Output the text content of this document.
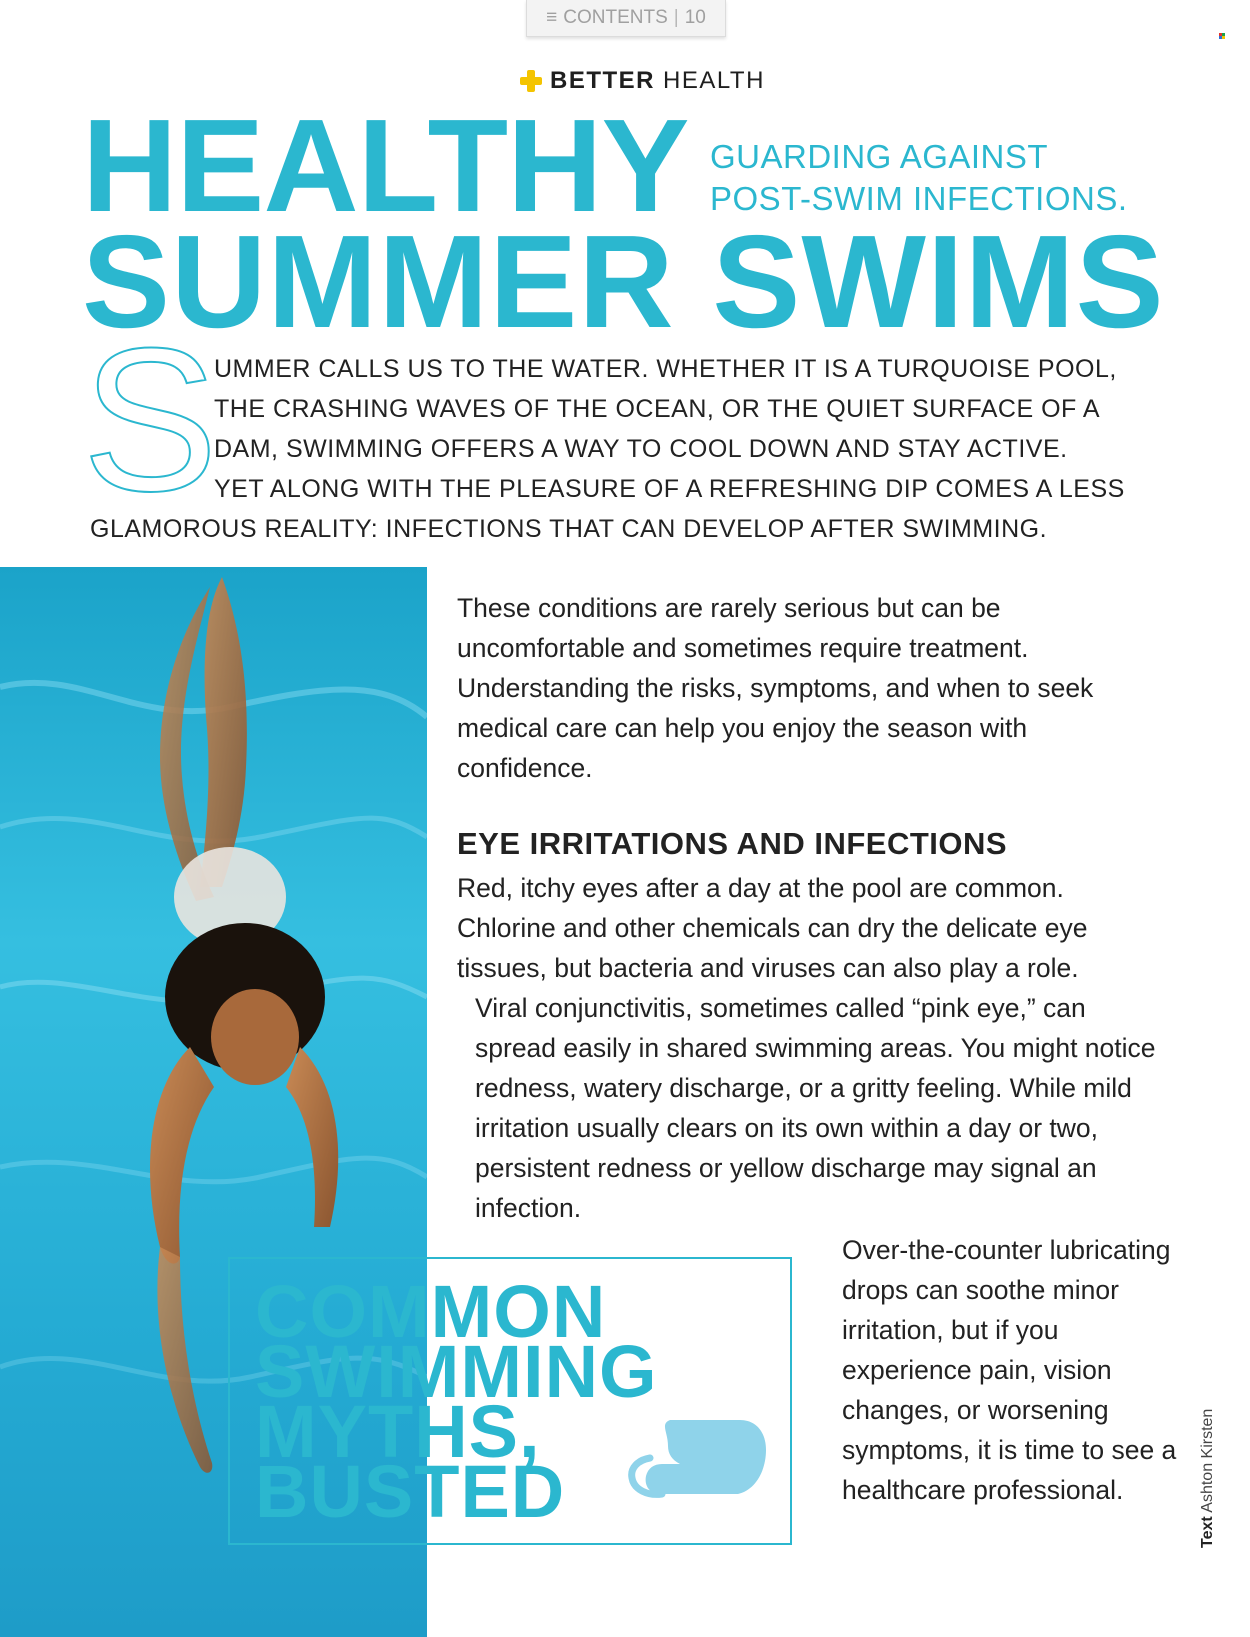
≡ CONTENTS | 10
BETTER HEALTH
HEALTHY
SUMMER SWIMS
GUARDING AGAINST
POST-SWIM INFECTIONS.
S
UMMER CALLS US TO THE WATER. WHETHER IT IS A TURQUOISE POOL,
THE CRASHING WAVES OF THE OCEAN, OR THE QUIET SURFACE OF A
DAM, SWIMMING OFFERS A WAY TO COOL DOWN AND STAY ACTIVE.
YET ALONG WITH THE PLEASURE OF A REFRESHING DIP COMES A LESS
GLAMOROUS REALITY: INFECTIONS THAT CAN DEVELOP AFTER SWIMMING.
These conditions are rarely serious but can be uncomfortable and sometimes require treatment. Understanding the risks, symptoms, and when to seek medical care can help you enjoy the season with confidence.
EYE IRRITATIONS AND INFECTIONS
Red, itchy eyes after a day at the pool are common. Chlorine and other chemicals can dry the delicate eye tissues, but bacteria and viruses can also play a role.
Viral conjunctivitis, sometimes called “pink eye,” can spread easily in shared swimming areas. You might notice redness, watery discharge, or a gritty feeling. While mild irritation usually clears on its own within a day or two, persistent redness or yellow discharge may signal an infection.
Over-the-counter lubricating drops can soothe minor irritation, but if you experience pain, vision changes, or worsening symptoms, it is time to see a healthcare professional.
COMMON
SWIMMING
MYTHS,
BUSTED	Text Ashton Kirsten
